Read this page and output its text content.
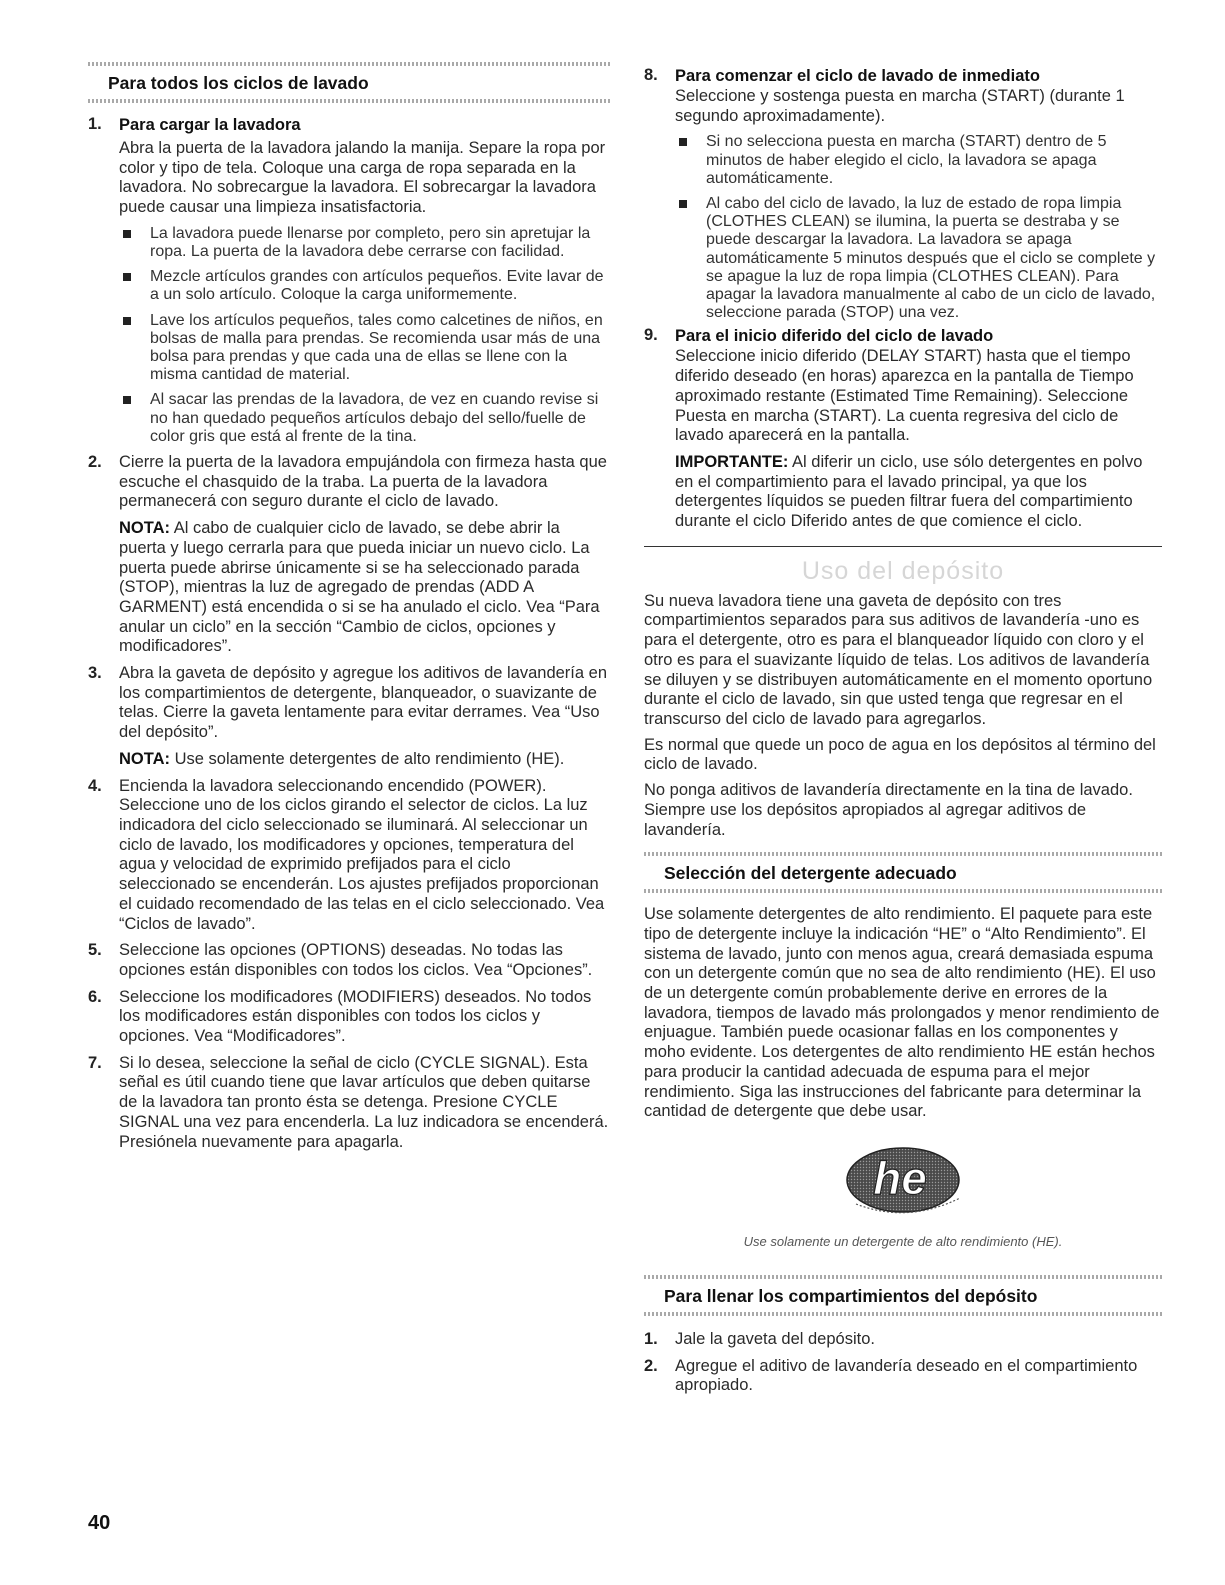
Para todos los ciclos de lavado
1. Para cargar la lavadora

Abra la puerta de la lavadora jalando la manija. Separe la ropa por color y tipo de tela. Coloque una carga de ropa separada en la lavadora. No sobrecargue la lavadora. El sobrecargar la lavadora puede causar una limpieza insatisfactoria.

La lavadora puede llenarse por completo, pero sin apretujar la ropa. La puerta de la lavadora debe cerrarse con facilidad.
Mezcle artículos grandes con artículos pequeños. Evite lavar de a un solo artículo. Coloque la carga uniformemente.
Lave los artículos pequeños, tales como calcetines de niños, en bolsas de malla para prendas. Se recomienda usar más de una bolsa para prendas y que cada una de ellas se llene con la misma cantidad de material.
Al sacar las prendas de la lavadora, de vez en cuando revise si no han quedado pequeños artículos debajo del sello/fuelle de color gris que está al frente de la tina.
2. Cierre la puerta de la lavadora empujándola con firmeza hasta que escuche el chasquido de la traba. La puerta de la lavadora permanecerá con seguro durante el ciclo de lavado.

NOTA: Al cabo de cualquier ciclo de lavado, se debe abrir la puerta y luego cerrarla para que pueda iniciar un nuevo ciclo. La puerta puede abrirse únicamente si se ha seleccionado parada (STOP), mientras la luz de agregado de prendas (ADD A GARMENT) está encendida o si se ha anulado el ciclo. Vea “Para anular un ciclo” en la sección “Cambio de ciclos, opciones y modificadores”.

3. Abra la gaveta de depósito y agregue los aditivos de lavandería en los compartimientos de detergente, blanqueador, o suavizante de telas. Cierre la gaveta lentamente para evitar derrames. Vea “Uso del depósito”.

NOTA: Use solamente detergentes de alto rendimiento (HE).

4. Encienda la lavadora seleccionando encendido (POWER). Seleccione uno de los ciclos girando el selector de ciclos. La luz indicadora del ciclo seleccionado se iluminará. Al seleccionar un ciclo de lavado, los modificadores y opciones, temperatura del agua y velocidad de exprimido prefijados para el ciclo seleccionado se encenderán. Los ajustes prefijados proporcionan el cuidado recomendado de las telas en el ciclo seleccionado. Vea “Ciclos de lavado”.

5. Seleccione las opciones (OPTIONS) deseadas. No todas las opciones están disponibles con todos los ciclos. Vea “Opciones”.

6. Seleccione los modificadores (MODIFIERS) deseados. No todos los modificadores están disponibles con todos los ciclos y opciones. Vea “Modificadores”.

7. Si lo desea, seleccione la señal de ciclo (CYCLE SIGNAL). Esta señal es útil cuando tiene que lavar artículos que deben quitarse de la lavadora tan pronto ésta se detenga. Presione CYCLE SIGNAL una vez para encenderla. La luz indicadora se encenderá. Presiónela nuevamente para apagarla.

8. Para comenzar el ciclo de lavado de inmediato

Seleccione y sostenga puesta en marcha (START) (durante 1 segundo aproximadamente).

Si no selecciona puesta en marcha (START) dentro de 5 minutos de haber elegido el ciclo, la lavadora se apaga automáticamente.
Al cabo del ciclo de lavado, la luz de estado de ropa limpia (CLOTHES CLEAN) se ilumina, la puerta se destraba y se puede descargar la lavadora. La lavadora se apaga automáticamente 5 minutos después que el ciclo se complete y se apague la luz de ropa limpia (CLOTHES CLEAN). Para apagar la lavadora manualmente al cabo de un ciclo de lavado, seleccione parada (STOP) una vez.
9. Para el inicio diferido del ciclo de lavado

Seleccione inicio diferido (DELAY START) hasta que el tiempo diferido deseado (en horas) aparezca en la pantalla de Tiempo aproximado restante (Estimated Time Remaining). Seleccione Puesta en marcha (START). La cuenta regresiva del ciclo de lavado aparecerá en la pantalla.

IMPORTANTE: Al diferir un ciclo, use sólo detergentes en polvo en el compartimiento para el lavado principal, ya que los detergentes líquidos se pueden filtrar fuera del compartimiento durante el ciclo Diferido antes de que comience el ciclo.

Uso del depósito

Su nueva lavadora tiene una gaveta de depósito con tres compartimientos separados para sus aditivos de lavandería -uno es para el detergente, otro es para el blanqueador líquido con cloro y el otro es para el suavizante líquido de telas. Los aditivos de lavandería se diluyen y se distribuyen automáticamente en el momento oportuno durante el ciclo de lavado, sin que usted tenga que regresar en el transcurso del ciclo de lavado para agregarlos.

Es normal que quede un poco de agua en los depósitos al término del ciclo de lavado.

No ponga aditivos de lavandería directamente en la tina de lavado. Siempre use los depósitos apropiados al agregar aditivos de lavandería.

Selección del detergente adecuado

Use solamente detergentes de alto rendimiento. El paquete para este tipo de detergente incluye la indicación “HE” o “Alto Rendimiento”. El sistema de lavado, junto con menos agua, creará demasiada espuma con un detergente común que no sea de alto rendimiento (HE). El uso de un detergente común probablemente derive en errores de la lavadora, tiempos de lavado más prolongados y menor rendimiento de enjuague. También puede ocasionar fallas en los componentes y moho evidente. Los detergentes de alto rendimiento HE están hechos para producir la cantidad adecuada de espuma para el mejor rendimiento. Siga las instrucciones del fabricante para determinar la cantidad de detergente que debe usar.

he
Use solamente un detergente de alto rendimiento (HE).
Para llenar los compartimientos del depósito
1. Jale la gaveta del depósito.

2. Agregue el aditivo de lavandería deseado en el compartimiento apropiado.

40
